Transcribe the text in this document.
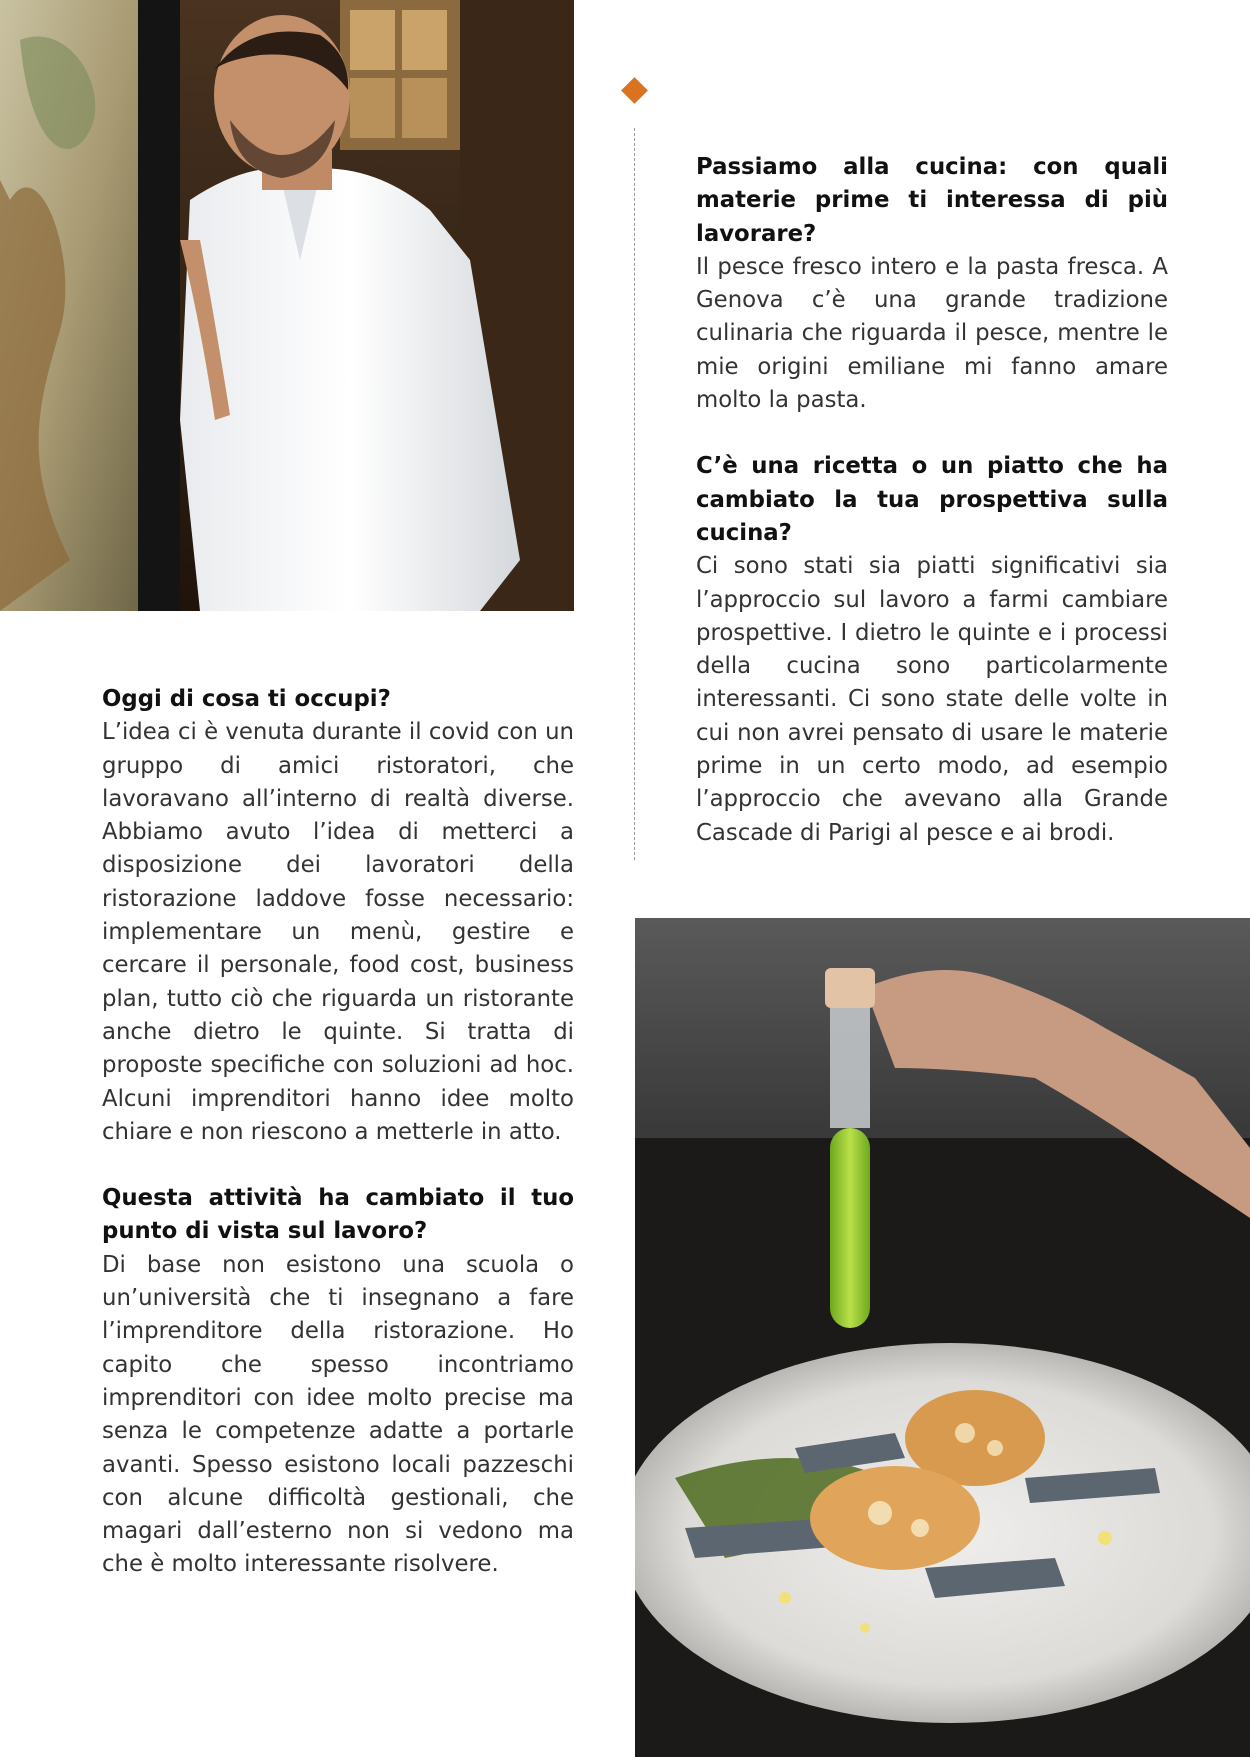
Passiamo alla cucina: con quali materie prime ti interessa di più lavorare?

Il pesce fresco intero e la pasta fresca. A Genova c’è una grande tradizione culinaria che riguarda il pesce, mentre le mie origini emiliane mi fanno amare molto la pasta.

C’è una ricetta o un piatto che ha cambiato la tua prospettiva sulla cucina?

Ci sono stati sia piatti significativi sia l’approccio sul lavoro a farmi cambiare prospettive. I dietro le quinte e i processi della cucina sono particolarmente interessanti. Ci sono state delle volte in cui non avrei pensato di usare le materie prime in un certo modo, ad esempio l’approccio che avevano alla Grande Cascade di Parigi al pesce e ai brodi.

Oggi di cosa ti occupi?

L’idea ci è venuta durante il covid con un gruppo di amici ristoratori, che lavoravano all’interno di realtà diverse. Abbiamo avuto l’idea di metterci a disposizione dei lavoratori della ristorazione laddove fosse necessario: implementare un menù, gestire e cercare il personale, food cost, business plan, tutto ciò che riguarda un ristorante anche dietro le quinte. Si tratta di proposte specifiche con soluzioni ad hoc. Alcuni imprenditori hanno idee molto chiare e non riescono a metterle in atto.

Questa attività ha cambiato il tuo punto di vista sul lavoro?

Di base non esistono una scuola o un’università che ti insegnano a fare l’imprenditore della ristorazione. Ho capito che spesso incontriamo imprenditori con idee molto precise ma senza le competenze adatte a portarle avanti. Spesso esistono locali pazzeschi con alcune difficoltà gestionali, che magari dall’esterno non si vedono ma che è molto interessante risolvere.
